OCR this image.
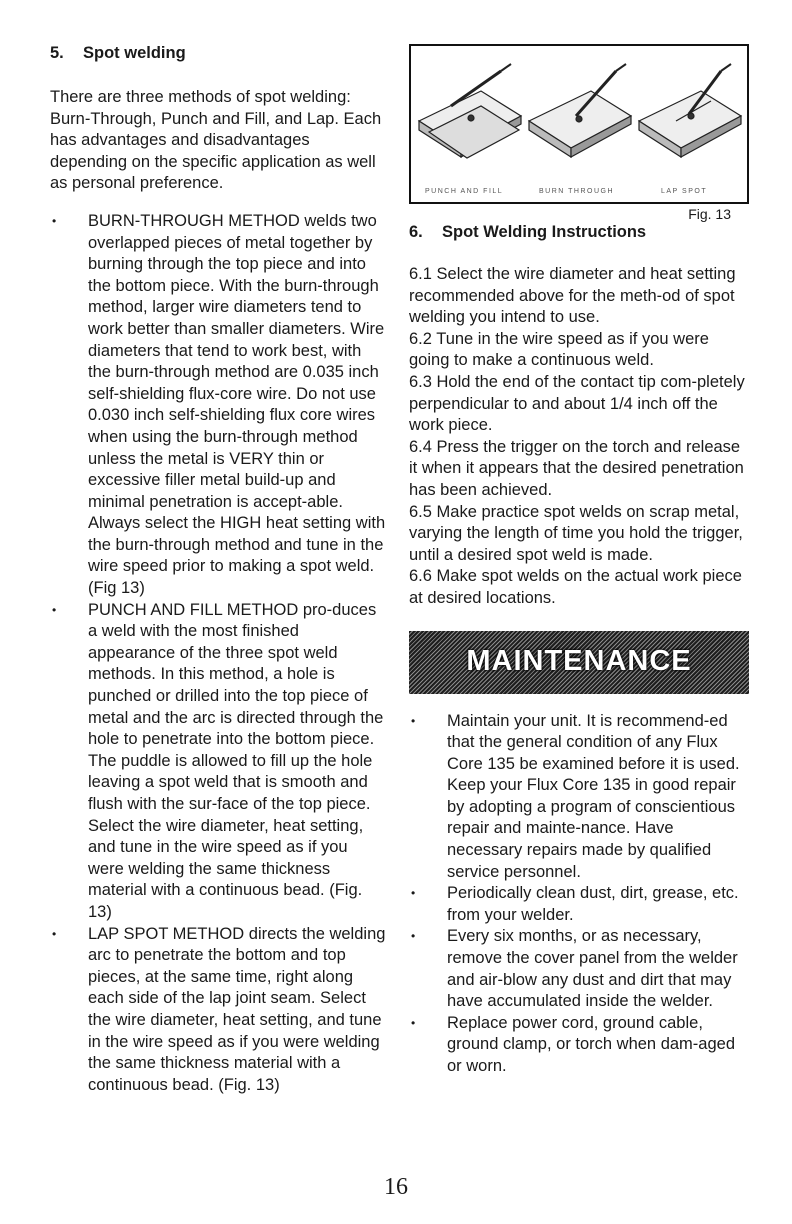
5. Spot welding

There are three methods of spot welding: Burn-Through, Punch and Fill, and Lap. Each has advantages and disadvantages depending on the specific application as well as personal preference.

• BURN-THROUGH METHOD welds two overlapped pieces of metal together by burning through the top piece and into the bottom piece. With the burn-through method, larger wire diameters tend to work better than smaller diameters. Wire diameters that tend to work best, with the burn-through method are 0.035 inch self-shielding flux-core wire. Do not use 0.030 inch self-shielding flux core wires when using the burn-through method unless the metal is VERY thin or excessive filler metal build-up and minimal penetration is accept-able. Always select the HIGH heat setting with the burn-through method and tune in the wire speed prior to making a spot weld. (Fig 13)
• PUNCH AND FILL METHOD pro-duces a weld with the most finished appearance of the three spot weld methods. In this method, a hole is punched or drilled into the top piece of metal and the arc is directed through the hole to penetrate into the bottom piece. The puddle is allowed to fill up the hole leaving a spot weld that is smooth and flush with the sur-face of the top piece. Select the wire diameter, heat setting, and tune in the wire speed as if you were welding the same thickness material with a continuous bead. (Fig. 13)
• LAP SPOT METHOD directs the welding arc to penetrate the bottom and top pieces, at the same time, right along each side of the lap joint seam. Select the wire diameter, heat setting, and tune in the wire speed as if you were welding the same thickness material with a continuous bead. (Fig. 13)
PUNCH AND FILL	BURN THROUGH	LAP SPOT
Fig. 13
6. Spot Welding Instructions

6.1 Select the wire diameter and heat setting recommended above for the meth-od of spot welding you intend to use.

6.2 Tune in the wire speed as if you were going to make a continuous weld.

6.3 Hold the end of the contact tip com-pletely perpendicular to and about 1/4 inch off the work piece.

6.4 Press the trigger on the torch and release it when it appears that the desired penetration has been achieved.

6.5 Make practice spot welds on scrap metal, varying the length of time you hold the trigger, until a desired spot weld is made.

6.6 Make spot welds on the actual work piece at desired locations.

MAINTENANCE
• Maintain your unit. It is recommend-ed that the general condition of any Flux Core 135 be examined before it is used. Keep your Flux Core 135 in good repair by adopting a program of conscientious repair and mainte-nance. Have necessary repairs made by qualified service personnel.
• Periodically clean dust, dirt, grease, etc. from your welder.
• Every six months, or as necessary, remove the cover panel from the welder and air-blow any dust and dirt that may have accumulated inside the welder.
• Replace power cord, ground cable, ground clamp, or torch when dam-aged or worn.
16
